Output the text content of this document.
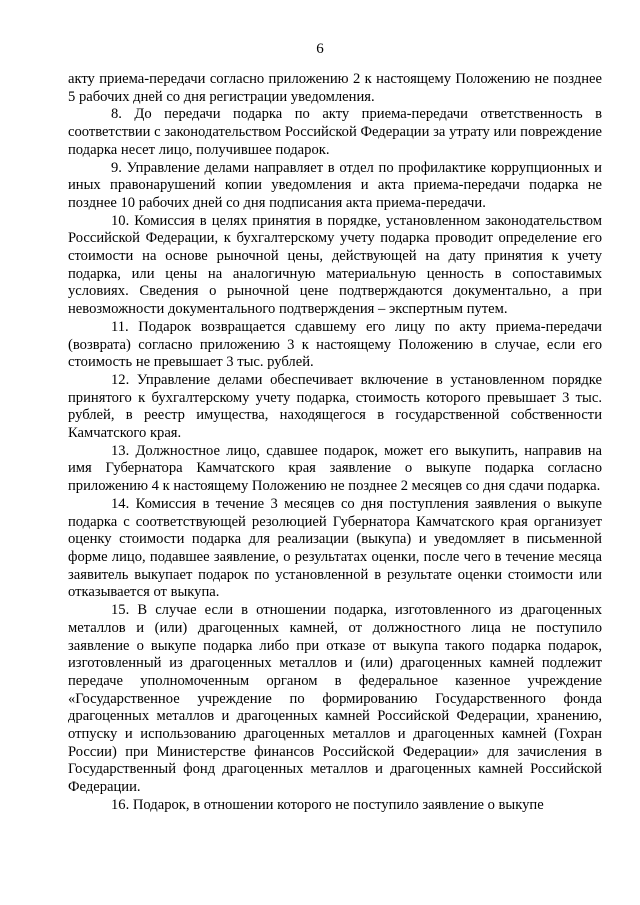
6

акту приема-передачи согласно приложению 2 к настоящему Положению не позднее 5 рабочих дней со дня регистрации уведомления.

8. До передачи подарка по акту приема-передачи ответственность в соответствии с законодательством Российской Федерации за утрату или повреждение подарка несет лицо, получившее подарок.

9. Управление делами направляет в отдел по профилактике коррупционных и иных правонарушений копии уведомления и акта приема-передачи подарка не позднее 10 рабочих дней со дня подписания акта приема-передачи.

10. Комиссия в целях принятия в порядке, установленном законодательством Российской Федерации, к бухгалтерскому учету подарка проводит определение его стоимости на основе рыночной цены, действующей на дату принятия к учету подарка, или цены на аналогичную материальную ценность в сопоставимых условиях. Сведения о рыночной цене подтверждаются документально, а при невозможности документального подтверждения – экспертным путем.

11. Подарок возвращается сдавшему его лицу по акту приема-передачи (возврата) согласно приложению 3 к настоящему Положению в случае, если его стоимость не превышает 3 тыс. рублей.

12. Управление делами обеспечивает включение в установленном порядке принятого к бухгалтерскому учету подарка, стоимость которого превышает 3 тыс. рублей, в реестр имущества, находящегося в государственной собственности Камчатского края.

13. Должностное лицо, сдавшее подарок, может его выкупить, направив на имя Губернатора Камчатского края заявление о выкупе подарка согласно приложению 4 к настоящему Положению не позднее 2 месяцев со дня сдачи подарка.

14. Комиссия в течение 3 месяцев со дня поступления заявления о выкупе подарка с соответствующей резолюцией Губернатора Камчатского края организует оценку стоимости подарка для реализации (выкупа) и уведомляет в письменной форме лицо, подавшее заявление, о результатах оценки, после чего в течение месяца заявитель выкупает подарок по установленной в результате оценки стоимости или отказывается от выкупа.

15. В случае если в отношении подарка, изготовленного из драгоценных металлов и (или) драгоценных камней, от должностного лица не поступило заявление о выкупе подарка либо при отказе от выкупа такого подарка подарок, изготовленный из драгоценных металлов и (или) драгоценных камней подлежит передаче уполномоченным органом в федеральное казенное учреждение «Государственное учреждение по формированию Государственного фонда драгоценных металлов и драгоценных камней Российской Федерации, хранению, отпуску и использованию драгоценных металлов и драгоценных камней (Гохран России) при Министерстве финансов Российской Федерации» для зачисления в Государственный фонд драгоценных металлов и драгоценных камней Российской Федерации.

16. Подарок, в отношении которого не поступило заявление о выкупе
